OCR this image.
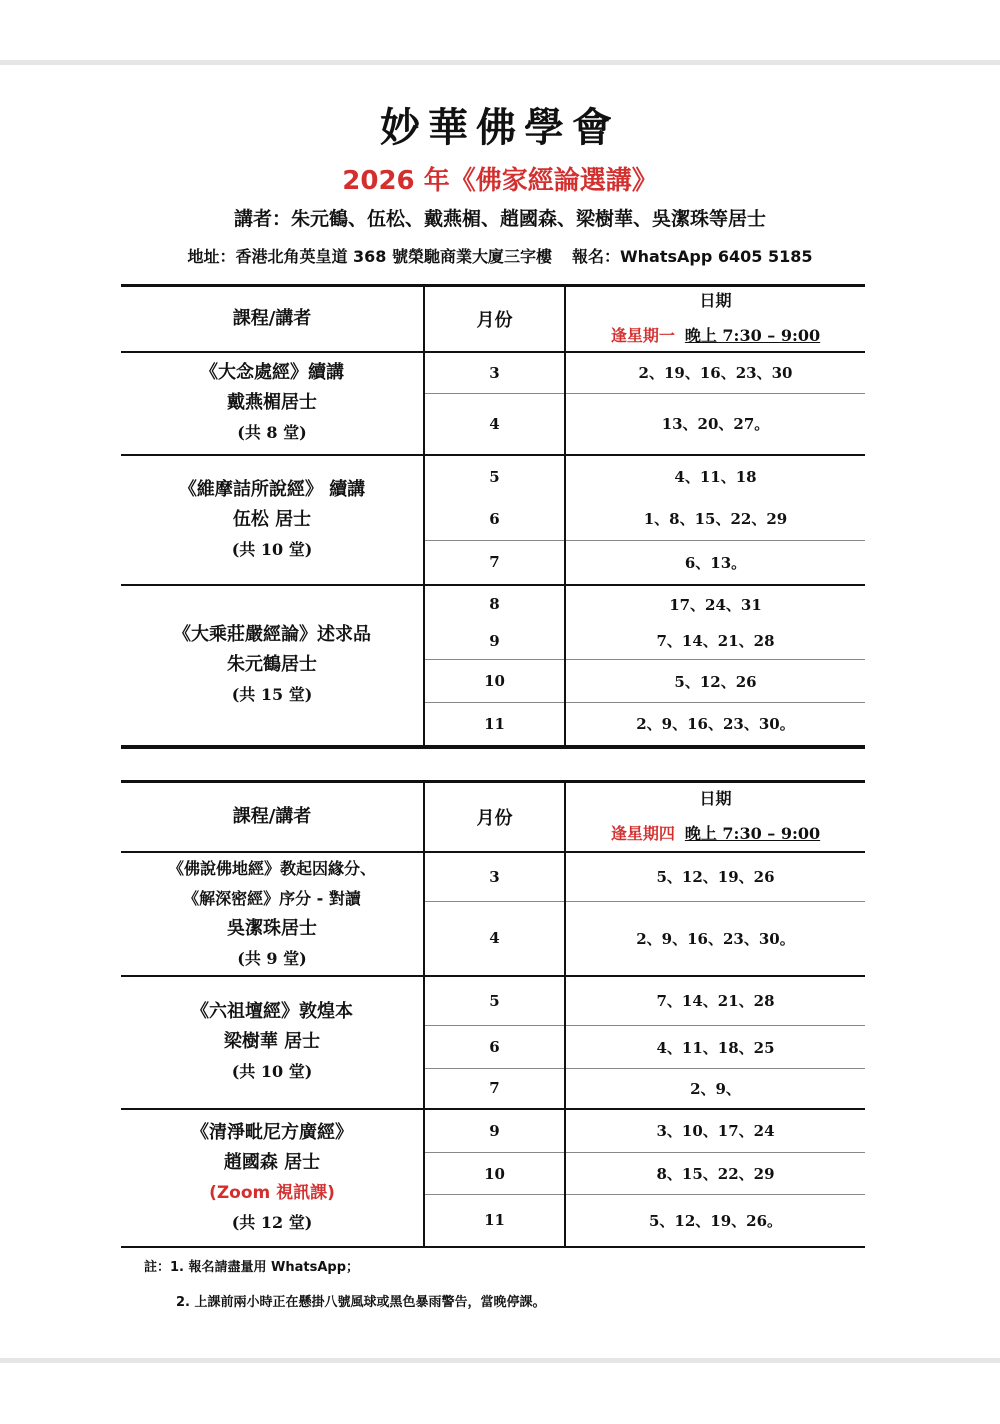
妙華佛學會
2026 年《佛家經論選講》
講者：朱元鶴、伍松、戴燕楣、趙國森、梁樹華、吳潔珠等居士
地址：香港北角英皇道 368 號榮馳商業大廈三字樓 報名：WhatsApp 6405 5185
課程/講者	月份	日期
逢星期一 晚上 7:30 – 9:00

《大念處經》續講
戴燕楣居士
(共 8 堂)	3	2、19、16、23、30
	4	13、20、27。

《維摩詰所說經》 續講
伍松 居士
(共 10 堂)	5	4、11、18
	6	1、8、15、22、29
	7	6、13。

《大乘莊嚴經論》述求品
朱元鶴居士
(共 15 堂)	8	17、24、31
	9	7、14、21、28
	10	5、12、26
	11	2、9、16、23、30。
課程/講者	月份	日期
逢星期四 晚上 7:30 – 9:00

《佛說佛地經》教起因緣分、
《解深密經》序分 - 對讀
吳潔珠居士
(共 9 堂)	3	5、12、19、26
	4	2、9、16、23、30。

《六祖壇經》敦煌本
梁樹華 居士
(共 10 堂)	5	7、14、21、28
	6	4、11、18、25
	7	2、9、

《清淨毗尼方廣經》
趙國森 居士
(Zoom 視訊課)
(共 12 堂)	9	3、10、17、24
	10	8、15、22、29
	11	5、12、19、26。
註：1. 報名請盡量用 WhatsApp；
2. 上課前兩小時正在懸掛八號風球或黑色暴雨警告，當晚停課。
